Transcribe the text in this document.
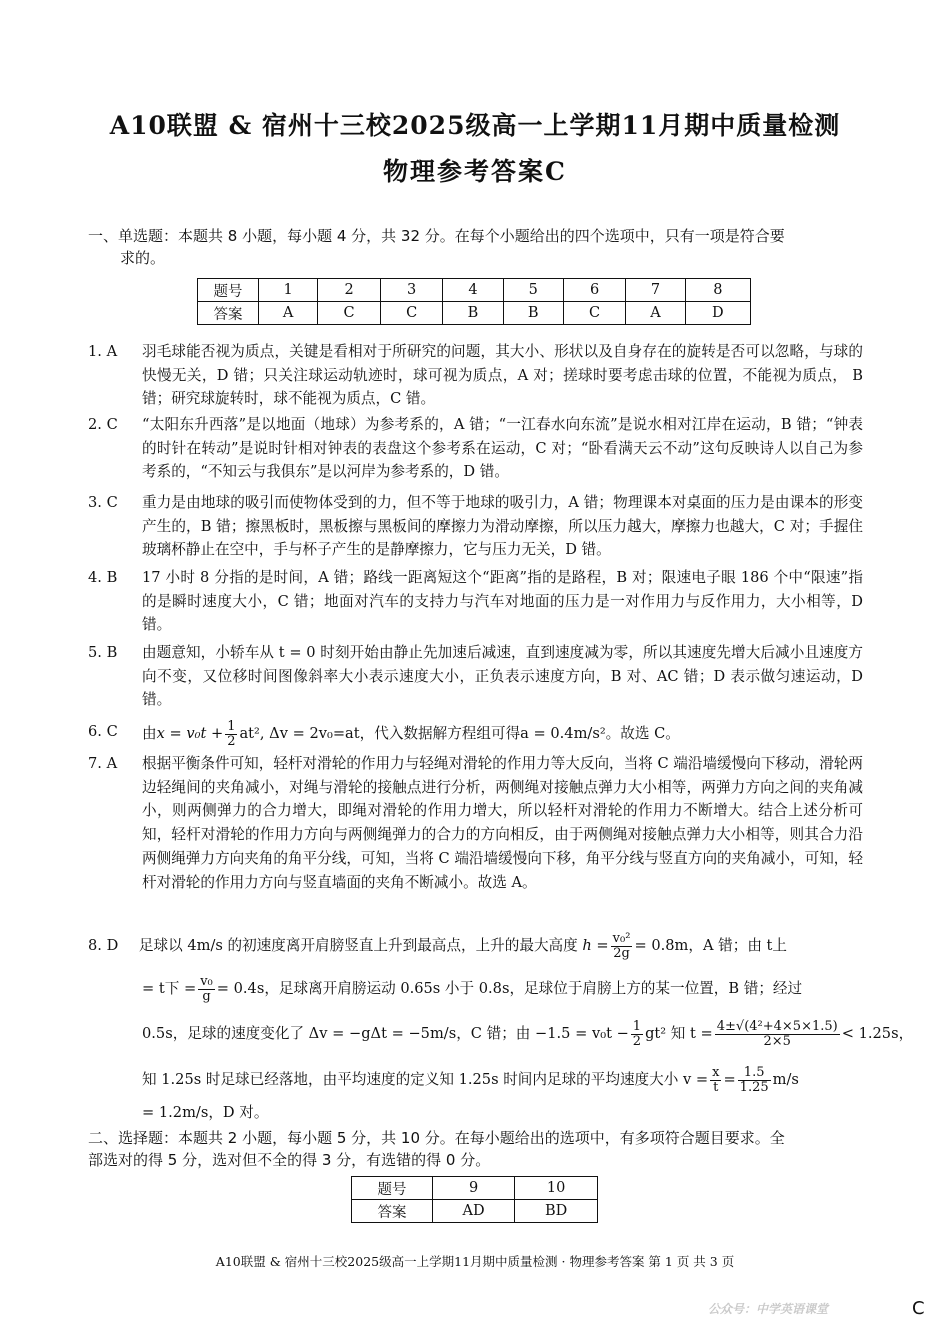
A10联盟 & 宿州十三校2025级高一上学期11月期中质量检测
物理参考答案C
一、单选题：本题共 8 小题，每小题 4 分，共 32 分。在每个小题给出的四个选项中，只有一项是符合要
求的。
题号	1	2	3	4	5	6	7	8
答案	A	C	C	B	B	C	A	D
1. A 羽毛球能否视为质点，关键是看相对于所研究的问题，其大小、形状以及自身存在的旋转是否可以忽略，与球的快慢无关，D 错；只关注球运动轨迹时，球可视为质点，A 对；搓球时要考虑击球的位置，不能视为质点， B 错；研究球旋转时，球不能视为质点，C 错。
2. C “太阳东升西落”是以地面（地球）为参考系的，A 错；“一江春水向东流”是说水相对江岸在运动，B 错；“钟表的时针在转动”是说时针相对钟表的表盘这个参考系在运动，C 对；“卧看满天云不动”这句反映诗人以自己为参考系的，“不知云与我俱东”是以河岸为参考系的，D 错。
3. C 重力是由地球的吸引而使物体受到的力，但不等于地球的吸引力，A 错；物理课本对桌面的压力是由课本的形变产生的，B 错；擦黑板时，黑板擦与黑板间的摩擦力为滑动摩擦，所以压力越大，摩擦力也越大，C 对；手握住玻璃杯静止在空中，手与杯子产生的是静摩擦力，它与压力无关，D 错。
4. B 17 小时 8 分指的是时间，A 错；路线一距离短这个“距离”指的是路程，B 对；限速电子眼 186 个中“限速”指的是瞬时速度大小，C 错；地面对汽车的支持力与汽车对地面的压力是一对作用力与反作用力，大小相等，D 错。
5. B 由题意知，小轿车从 t = 0 时刻开始由静止先加速后减速，直到速度减为零，所以其速度先增大后减小且速度方向不变，又位移时间图像斜率大小表示速度大小，正负表示速度方向，B 对、AC 错；D 表示做匀速运动，D 错。
6. C 由$x = v_0t + \frac{1}{2} at^2$, Δv = 2v₀=at，代入数据解方程组可得a = 0.4m/s²。故选 C。
7. A 根据平衡条件可知，轻杆对滑轮的作用力与轻绳对滑轮的作用力等大反向，当将 C 端沿墙缓慢向下移动，滑轮两边轻绳间的夹角减小，对绳与滑轮的接触点进行分析，两侧绳对接触点弹力大小相等，两弹力方向之间的夹角减小，则两侧弹力的合力增大，即绳对滑轮的作用力增大，所以轻杆对滑轮的作用力不断增大。结合上述分析可知，轻杆对滑轮的作用力方向与两侧绳弹力的合力的方向相反，由于两侧绳对接触点弹力大小相等，则其合力沿两侧绳弹力方向夹角的角平分线，可知，当将 C 端沿墙缓慢向下移，角平分线与竖直方向的夹角减小，可知，轻杆对滑轮的作用力方向与竖直墙面的夹角不断减小。故选 A。
8. D 足球以 4m/s 的初速度离开肩膀竖直上升到最高点，上升的最大高度 $h = \frac{\text{v₀²}}{2g} = 0.8m$，A 错；由 t上
= t下 = $\frac{\text{v₀}}{g} = 0.4s$，足球离开肩膀运动 0.65s 小于 0.8s，足球位于肩膀上方的某一位置，B 错；经过
0.5s，足球的速度变化了 Δv = −gΔt = −5m/s，C 错；由 $-1.5 = v_0t - \frac{1}{2} gt^2$ 知 $t = \frac{\text{4±√(4²+4×5×1.5)}}{2\times 5} < 1.25s$，
知 1.25s 时足球已经落地，由平均速度的定义知 1.25s 时间内足球的平均速度大小 $v = \frac{x}{t} = \frac{1.5}{1.25} m/s$
= 1.2m/s，D 对。
二、选择题：本题共 2 小题，每小题 5 分，共 10 分。在每小题给出的选项中，有多项符合题目要求。全
部选对的得 5 分，选对但不全的得 3 分，有选错的得 0 分。
题号	9	10
答案	AD	BD
A10联盟 & 宿州十三校2025级高一上学期11月期中质量检测 · 物理参考答案 第 1 页 共 3 页
公众号：中学英语课堂	C
